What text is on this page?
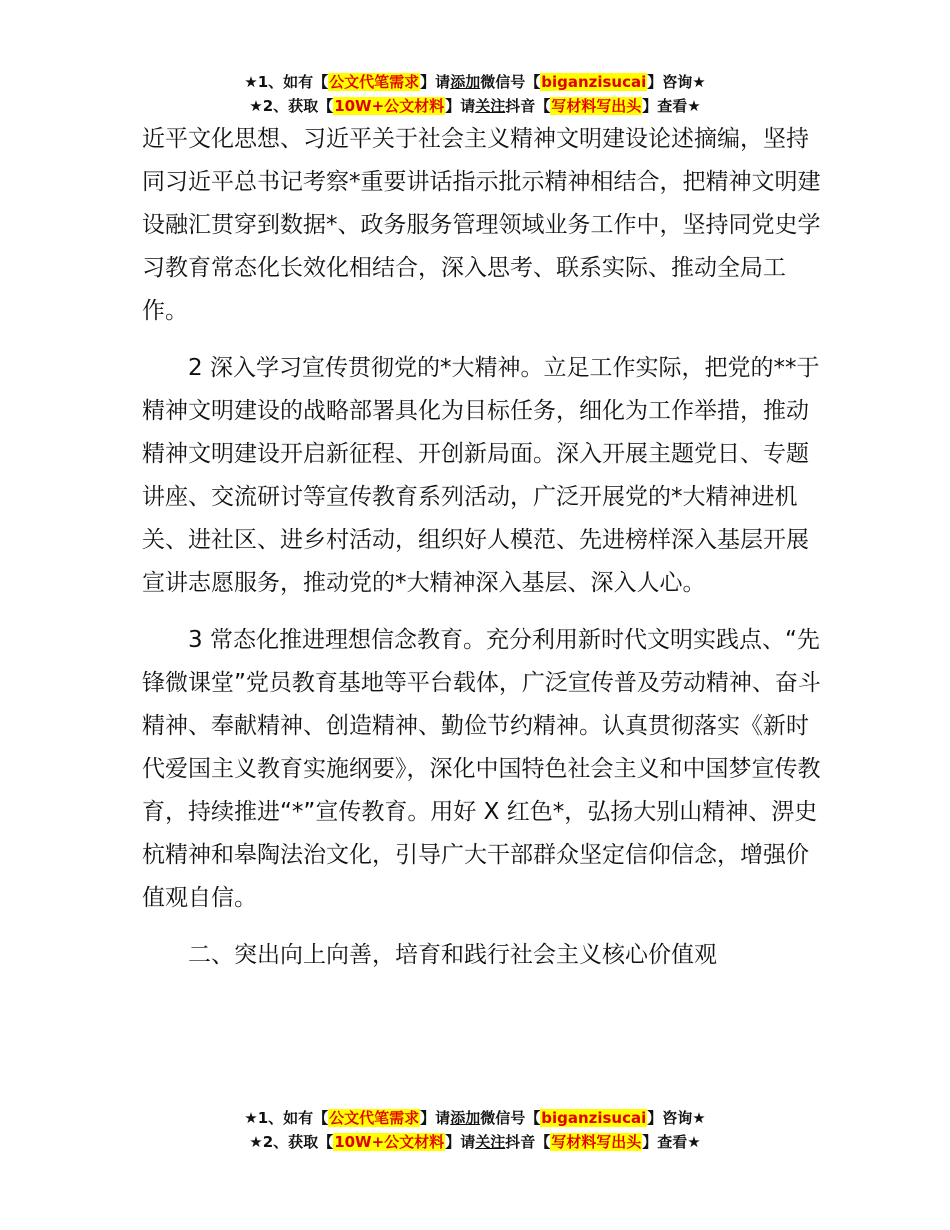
★1、如有【公文代笔需求】请添加微信号【biganzisucai】咨询★
★2、获取【10W+公文材料】请关注抖音【写材料写出头】查看★

近平文化思想、习近平关于社会主义精神文明建设论述摘编，坚持同习近平总书记考察*重要讲话指示批示精神相结合，把精神文明建设融汇贯穿到数据*、政务服务管理领域业务工作中，坚持同党史学习教育常态化长效化相结合，深入思考、联系实际、推动全局工作。

2 深入学习宣传贯彻党的*大精神。立足工作实际，把党的**于精神文明建设的战略部署具化为目标任务，细化为工作举措，推动精神文明建设开启新征程、开创新局面。深入开展主题党日、专题讲座、交流研讨等宣传教育系列活动，广泛开展党的*大精神进机关、进社区、进乡村活动，组织好人模范、先进榜样深入基层开展宣讲志愿服务，推动党的*大精神深入基层、深入人心。

3 常态化推进理想信念教育。充分利用新时代文明实践点、“先锋微课堂”党员教育基地等平台载体，广泛宣传普及劳动精神、奋斗精神、奉献精神、创造精神、勤俭节约精神。认真贯彻落实《新时代爱国主义教育实施纲要》，深化中国特色社会主义和中国梦宣传教育，持续推进“*”宣传教育。用好 X 红色*，弘扬大别山精神、淠史杭精神和皋陶法治文化，引导广大干部群众坚定信仰信念，增强价值观自信。

二、突出向上向善，培育和践行社会主义核心价值观

★1、如有【公文代笔需求】请添加微信号【biganzisucai】咨询★
★2、获取【10W+公文材料】请关注抖音【写材料写出头】查看★
